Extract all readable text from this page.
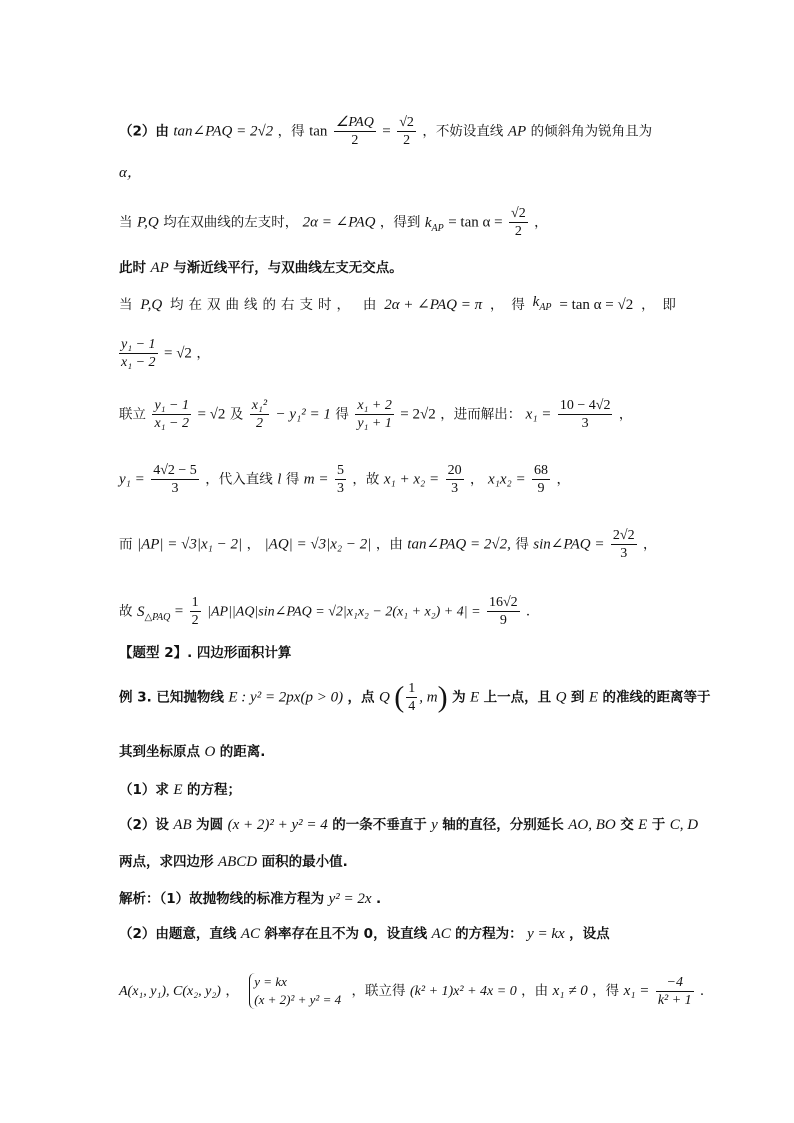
（2）由 tan∠PAQ = 2√2 ，得 $\tan \frac{\text{∠PAQ}}{2} = \frac{√2}{2}$ ，不妨设直线 AP 的倾斜角为锐角且为
α，
当 P,Q 均在双曲线的左支时， 2α = ∠PAQ ，得到 $k_{AP} = \tan \alpha = \frac{√2}{2}$ ，
此时 AP 与渐近线平行，与双曲线左支无交点。
当 P,Q 均在双曲线的右支时， 由 2α + ∠PAQ = π ， 得 $k_{AP} = \tan \alpha = √2$ ， 即
$\frac{\text{y₁ − 1}}{\text{x₁ − 2}} = √2$ ，
联立 $\frac{\text{y₁ − 1}}{\text{x₁ − 2}} = √2$ 及 $\frac{\text{x₁²}}{2} - y_1^2 = 1$ 得 $\frac{\text{x₁ + 2}}{\text{y₁ + 1}} = 2√2$ ，进而解出： $x_1 = \frac{10 - 4√2}{3}$ ，
$y_1 = \frac{4√2 - 5}{3}$ ，代入直线 l 得 $m = \frac{5}{3}$ ，故 $x_1 + x_2 = \frac{20}{3}$ ， $x_1x_2 = \frac{68}{9}$ ，
而 |AP| = √3|x₁ − 2| ， |AQ| = √3|x₂ − 2| ，由 tan∠PAQ = 2√2, 得 sin∠PAQ = $\frac{2√2}{3}$ ，
故 $S_{\triangle PAQ} = \frac{1}{2}$ |AP||AQ|sin∠PAQ = $√2|x_1x_2 - 2(x_1 + x_2) + 4| = \frac{16√2}{9}$ .
【题型 2】. 四边形面积计算
例 3. 已知抛物线 E : y² = 2px(p > 0) ，点 Q ( $\frac{1}{4}$ , m) 为 E 上一点，且 Q 到 E 的准线的距离等于
其到坐标原点 O 的距离.
（1）求 E 的方程；
（2）设 AB 为圆 (x + 2)² + y² = 4 的一条不垂直于 y 轴的直径，分别延长 AO, BO 交 E 于 C, D
两点，求四边形 ABCD 面积的最小值.
解析：（1）故抛物线的标准方程为 y² = 2x .
（2）由题意，直线 AC 斜率存在且不为 0，设直线 AC 的方程为： y = kx ，设点
A(x₁, y₁), C(x₂, y₂) ，
y = kx
(x + 2)² + y² = 4
，联立得 (k² + 1)x² + 4x = 0 ，由 x₁ ≠ 0 ，得 $x_1 = \frac{-4}{\text{k² + 1}}$ .
